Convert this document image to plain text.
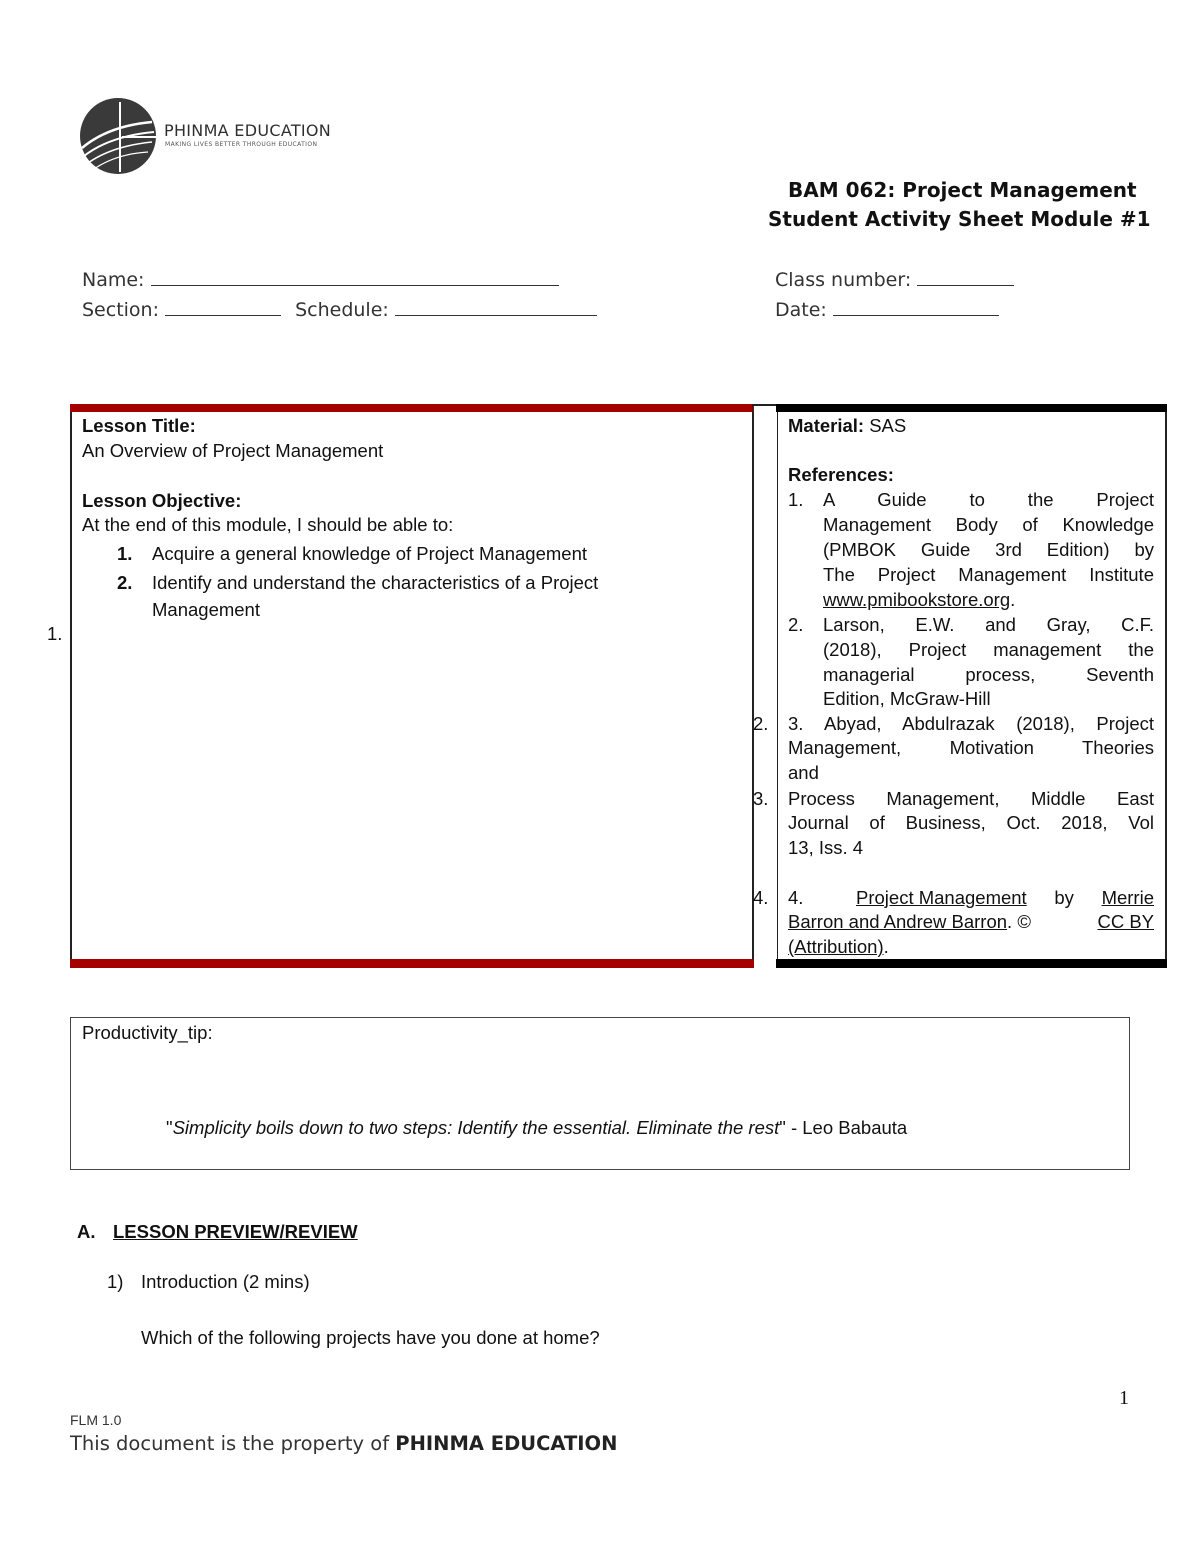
PHINMA EDUCATION
MAKING LIVES BETTER THROUGH EDUCATION
BAM 062: Project Management
Student Activity Sheet Module #1
Name:
Section:	Schedule:
Class number:
Date:
1.
Lesson Title:
An Overview of Project Management
Lesson Objective:
At the end of this module, I should be able to:
1. Acquire a general knowledge of Project Management
2. Identify and understand the characteristics of a Project
Management
2.
3.
4.
Material: SAS
References:
1. A Guide to the Project
Management Body of Knowledge
(PMBOK Guide 3rd Edition) by
The Project Management Institute
www.pmibookstore.org.
2. Larson, E.W. and Gray, C.F.
(2018), Project management the
managerial process, Seventh
Edition, McGraw-Hill
3. Abyad, Abdulrazak (2018), Project
Management, Motivation Theories
and
Process Management, Middle East
Journal of Business, Oct. 2018, Vol
13, Iss. 4
4.	Project Management by Merrie
Barron and Andrew Barron. ©	CC BY
(Attribution).
Productivity_tip:
"Simplicity boils down to two steps: Identify the essential. Eliminate the rest" - Leo Babauta
A. LESSON PREVIEW/REVIEW
1) Introduction (2 mins)
Which of the following projects have you done at home?
1
FLM 1.0
This document is the property of PHINMA EDUCATION
